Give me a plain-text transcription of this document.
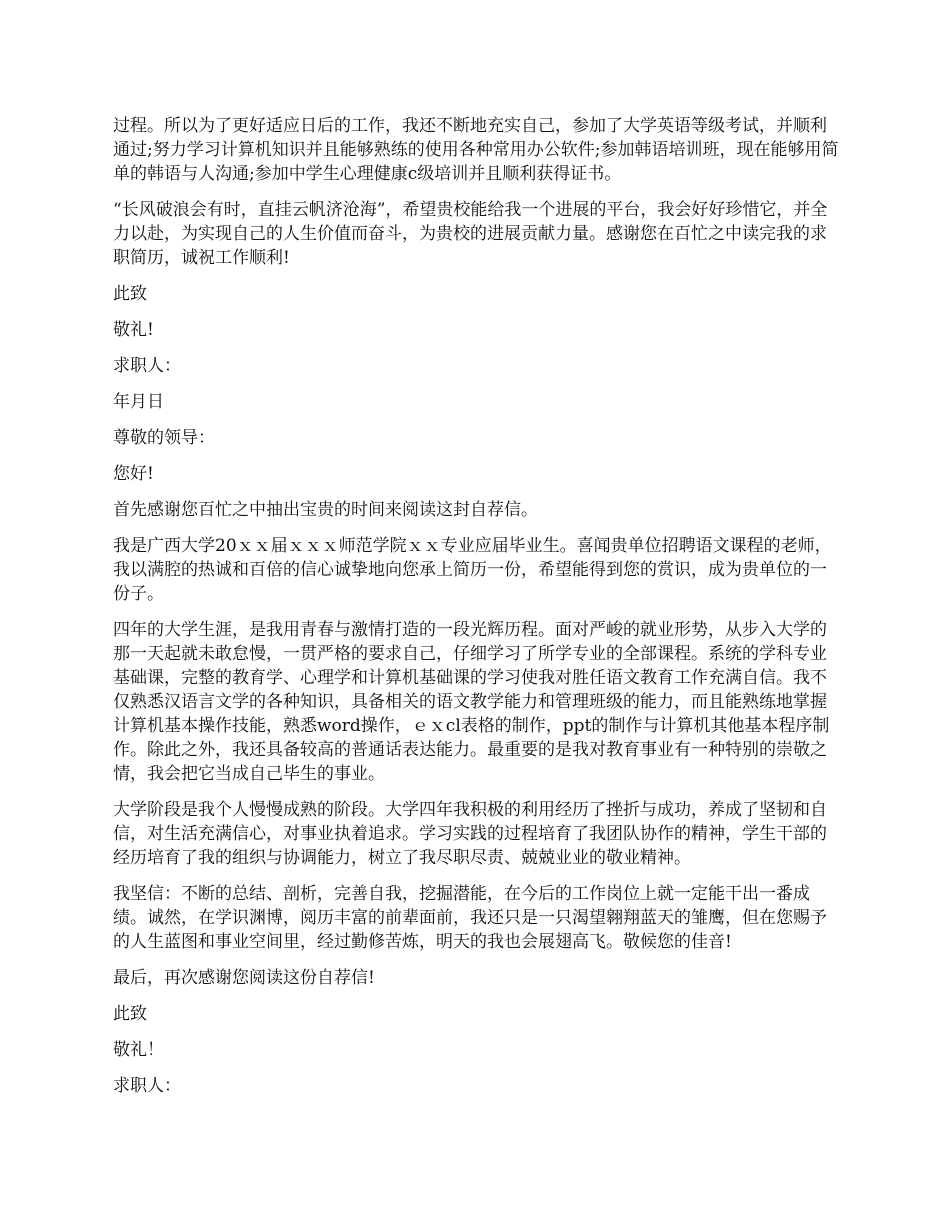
过程。所以为了更好适应日后的工作，我还不断地充实自己，参加了大学英语等级考试，并顺利通过;努力学习计算机知识并且能够熟练的使用各种常用办公软件;参加韩语培训班，现在能够用简单的韩语与人沟通;参加中学生心理健康c级培训并且顺利获得证书。

“长风破浪会有时，直挂云帆济沧海”，希望贵校能给我一个进展的平台，我会好好珍惜它，并全力以赴，为实现自己的人生价值而奋斗，为贵校的进展贡献力量。感谢您在百忙之中读完我的求职简历，诚祝工作顺利!

此致

敬礼!

求职人：

年月日

尊敬的领导：

您好!

首先感谢您百忙之中抽出宝贵的时间来阅读这封自荐信。

我是广西大学20ｘｘ届ｘｘｘ师范学院ｘｘ专业应届毕业生。喜闻贵单位招聘语文课程的老师，我以满腔的热诚和百倍的信心诚挚地向您承上简历一份，希望能得到您的赏识，成为贵单位的一份子。

四年的大学生涯，是我用青春与激情打造的一段光辉历程。面对严峻的就业形势，从步入大学的那一天起就未敢怠慢，一贯严格的要求自己，仔细学习了所学专业的全部课程。系统的学科专业基础课，完整的教育学、心理学和计算机基础课的学习使我对胜任语文教育工作充满自信。我不仅熟悉汉语言文学的各种知识，具备相关的语文教学能力和管理班级的能力，而且能熟练地掌握计算机基本操作技能，熟悉word操作，ｅｘcl表格的制作，ppt的制作与计算机其他基本程序制作。除此之外，我还具备较高的普通话表达能力。最重要的是我对教育事业有一种特别的崇敬之情，我会把它当成自己毕生的事业。

大学阶段是我个人慢慢成熟的阶段。大学四年我积极的利用经历了挫折与成功，养成了坚韧和自信，对生活充满信心，对事业执着追求。学习实践的过程培育了我团队协作的精神，学生干部的经历培育了我的组织与协调能力，树立了我尽职尽责、兢兢业业的敬业精神。

我坚信：不断的总结、剖析，完善自我，挖掘潜能，在今后的工作岗位上就一定能干出一番成绩。诚然，在学识渊博，阅历丰富的前辈面前，我还只是一只渴望翱翔蓝天的雏鹰，但在您赐予的人生蓝图和事业空间里，经过勤修苦炼，明天的我也会展翅高飞。敬候您的佳音!

最后，再次感谢您阅读这份自荐信!

此致

敬礼！

求职人：
